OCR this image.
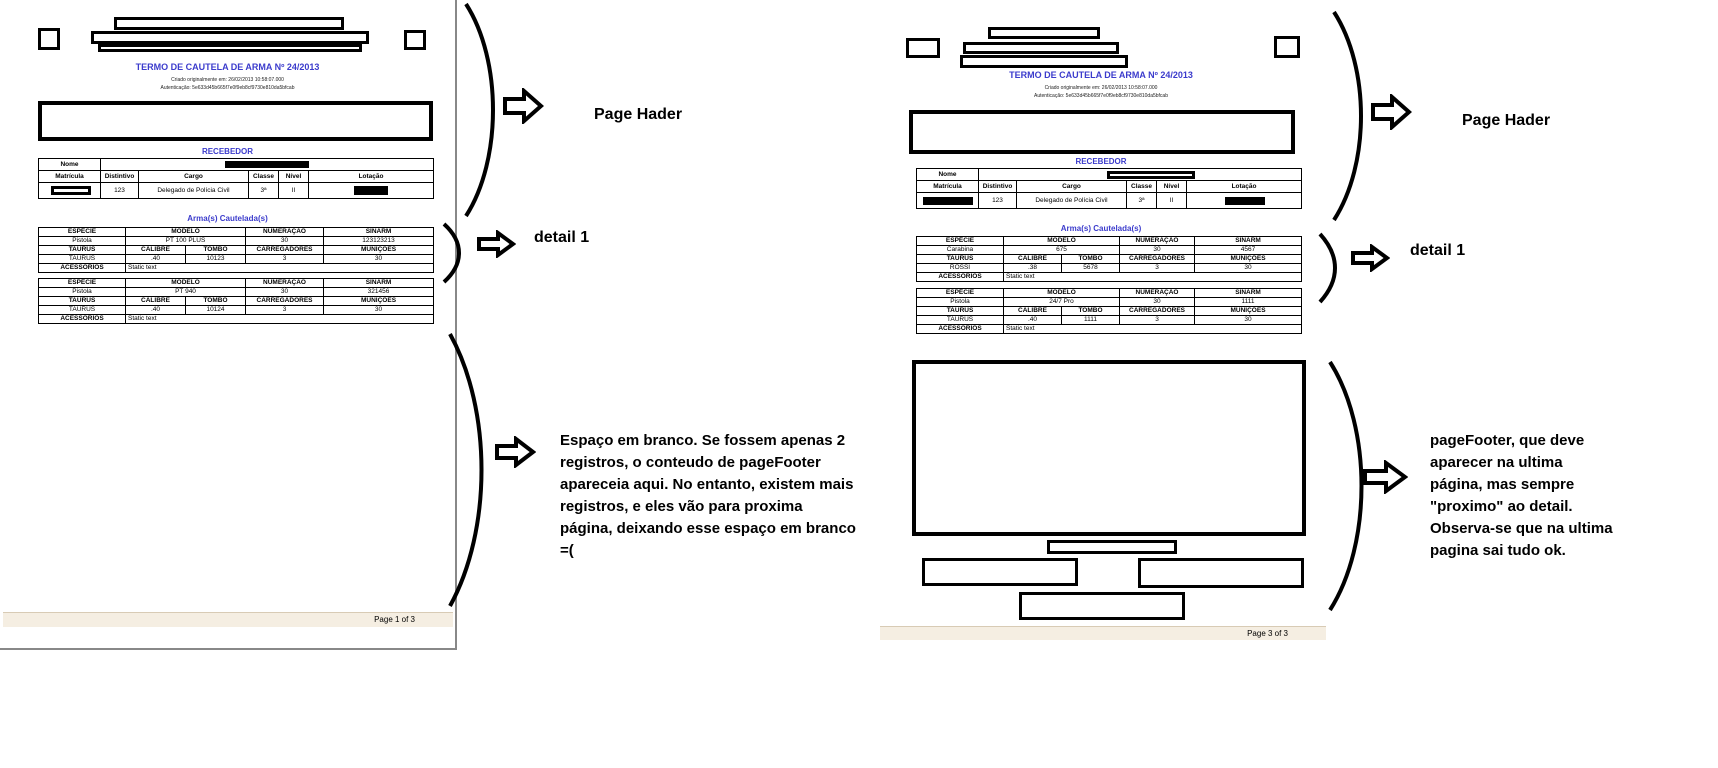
TERMO DE CAUTELA DE ARMA Nº 24/2013
Criado originalmente em: 26/02/2013 10:58:07.000
Autenticação: 5e633d45b665f7e0f9eb8cf9730e810da5bfcab
RECEBEDOR
Nome					

Matrícula	Distintivo	Cargo	Classe	Nível	Lotação

	123	Delegado de Polícia Civil	3ª	II	
Arma(s) Cautelada(s)
ESPÉCIE	MODELO		NUMERAÇÃO	SINARM
Pistola	PT 100 PLUS		30	123123213
TAURUS	CALIBRE	TOMBO	CARREGADORES	MUNIÇÕES
TAURUS	.40	10123	3	30
ACESSÓRIOS	Static text			
ESPÉCIE	MODELO		NUMERAÇÃO	SINARM
Pistola	PT 940		30	321456
TAURUS	CALIBRE	TOMBO	CARREGADORES	MUNIÇÕES
TAURUS	.40	10124	3	30
ACESSÓRIOS	Static text			
Page 1 of 3
TERMO DE CAUTELA DE ARMA Nº 24/2013
Criado originalmente em: 26/02/2013 10:58:07.000
Autenticação: 5e633d45b665f7e0f9eb8cf9730e810da5bfcab
RECEBEDOR
Nome					

Matrícula	Distintivo	Cargo	Classe	Nível	Lotação

	123	Delegado de Polícia Civil	3ª	II	
Arma(s) Cautelada(s)
ESPÉCIE	MODELO		NUMERAÇÃO	SINARM
Carabina	675		30	4567
TAURUS	CALIBRE	TOMBO	CARREGADORES	MUNIÇÕES
ROSSI	.38	5678	3	30
ACESSÓRIOS	Static text			
ESPÉCIE	MODELO		NUMERAÇÃO	SINARM
Pistola	24/7 Pro		30	1111
TAURUS	CALIBRE	TOMBO	CARREGADORES	MUNIÇÕES
TAURUS	.40	1111	3	30
ACESSÓRIOS	Static text			
Page 3 of 3
Page Hader
detail 1
Espaço em branco. Se fossem apenas 2 registros, o conteudo de pageFooter apareceia aqui. No entanto, existem mais registros, e eles vão para proxima página, deixando esse espaço em branco =(
Page Hader
detail 1
pageFooter, que deve aparecer na ultima página, mas sempre "proximo" ao detail. Observa-se que na ultima pagina sai tudo ok.
